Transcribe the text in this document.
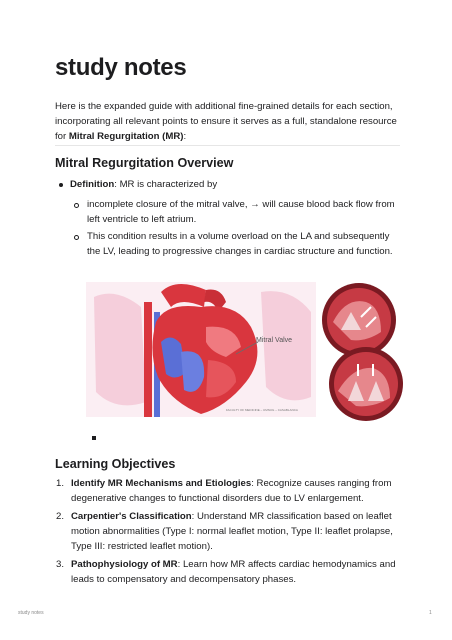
study notes

Here is the expanded guide with additional fine-grained details for each section, incorporating all relevant points to ensure it serves as a full, standalone resource for Mitral Regurgitation (MR):

Mitral Regurgitation Overview
Definition: MR is characterized by
incomplete closure of the mitral valve, → will cause blood back flow from left ventricle to left atrium.
This condition results in a volume overload on the LA and subsequently the LV, leading to progressive changes in cardiac structure and function.
Learning Objectives
1. Identify MR Mechanisms and Etiologies: Recognize causes ranging from degenerative changes to functional disorders due to LV enlargement.
2. Carpentier's Classification: Understand MR classification based on leaflet motion abnormalities (Type I: normal leaflet motion, Type II: leaflet prolapse, Type III: restricted leaflet motion).
3. Pathophysiology of MR: Learn how MR affects cardiac hemodynamics and leads to compensatory and decompensatory phases.
Mitral Valve
FACULTY OF MEDICINE – UMNUG – CASABLANCA
study notes	1
